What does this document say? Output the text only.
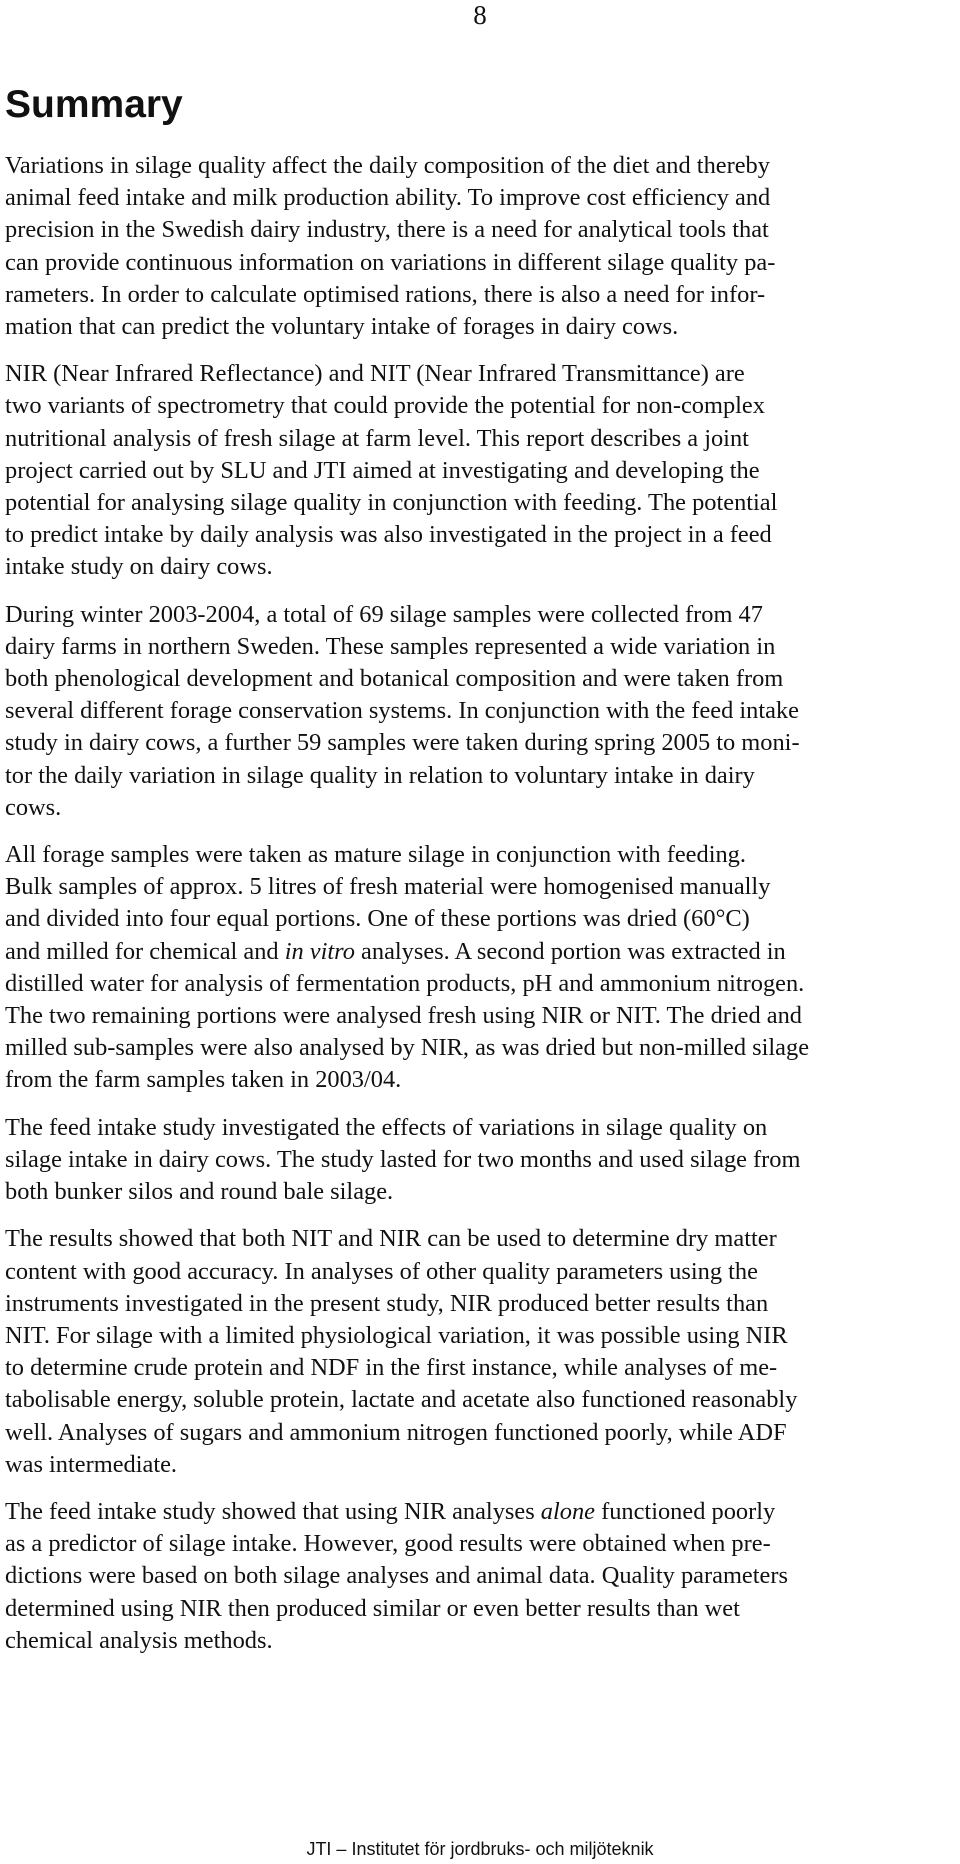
8
Summary

Variations in silage quality affect the daily composition of the diet and thereby
animal feed intake and milk production ability. To improve cost efficiency and
precision in the Swedish dairy industry, there is a need for analytical tools that
can provide continuous information on variations in different silage quality pa-
rameters. In order to calculate optimised rations, there is also a need for infor-
mation that can predict the voluntary intake of forages in dairy cows.

NIR (Near Infrared Reflectance) and NIT (Near Infrared Transmittance) are
two variants of spectrometry that could provide the potential for non-complex
nutritional analysis of fresh silage at farm level. This report describes a joint
project carried out by SLU and JTI aimed at investigating and developing the
potential for analysing silage quality in conjunction with feeding. The potential
to predict intake by daily analysis was also investigated in the project in a feed
intake study on dairy cows.

During winter 2003-2004, a total of 69 silage samples were collected from 47
dairy farms in northern Sweden. These samples represented a wide variation in
both phenological development and botanical composition and were taken from
several different forage conservation systems. In conjunction with the feed intake
study in dairy cows, a further 59 samples were taken during spring 2005 to moni-
tor the daily variation in silage quality in relation to voluntary intake in dairy
cows.

All forage samples were taken as mature silage in conjunction with feeding.
Bulk samples of approx. 5 litres of fresh material were homogenised manually
and divided into four equal portions. One of these portions was dried (60°C)
and milled for chemical and in vitro analyses. A second portion was extracted in
distilled water for analysis of fermentation products, pH and ammonium nitrogen.
The two remaining portions were analysed fresh using NIR or NIT. The dried and
milled sub-samples were also analysed by NIR, as was dried but non-milled silage
from the farm samples taken in 2003/04.

The feed intake study investigated the effects of variations in silage quality on
silage intake in dairy cows. The study lasted for two months and used silage from
both bunker silos and round bale silage.

The results showed that both NIT and NIR can be used to determine dry matter
content with good accuracy. In analyses of other quality parameters using the
instruments investigated in the present study, NIR produced better results than
NIT. For silage with a limited physiological variation, it was possible using NIR
to determine crude protein and NDF in the first instance, while analyses of me-
tabolisable energy, soluble protein, lactate and acetate also functioned reasonably
well. Analyses of sugars and ammonium nitrogen functioned poorly, while ADF
was intermediate.

The feed intake study showed that using NIR analyses alone functioned poorly
as a predictor of silage intake. However, good results were obtained when pre-
dictions were based on both silage analyses and animal data. Quality parameters
determined using NIR then produced similar or even better results than wet
chemical analysis methods.

JTI – Institutet för jordbruks- och miljöteknik
